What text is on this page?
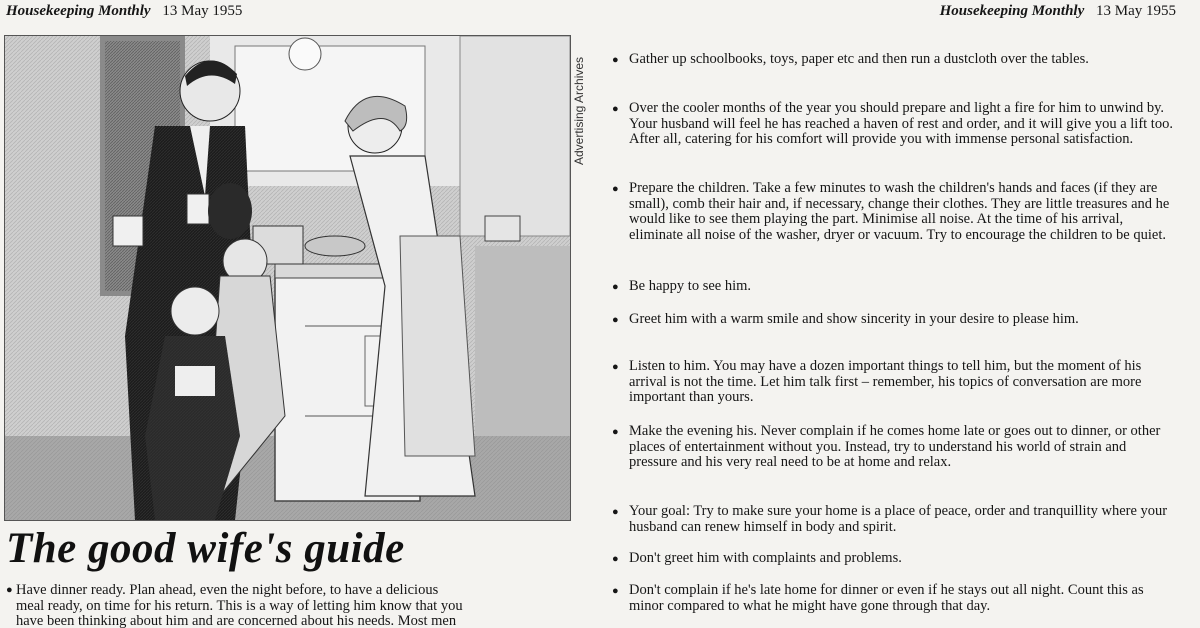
Housekeeping Monthly 13 May 1955	Housekeeping Monthly 13 May 1955
Advertising Archives
The good wife's guide
● Have dinner ready. Plan ahead, even the night before, to have a delicious
meal ready, on time for his return. This is a way of letting him know that you
have been thinking about him and are concerned about his needs. Most men
● Gather up schoolbooks, toys, paper etc and then run a dustcloth over the tables.
● Over the cooler months of the year you should prepare and light a fire for him to unwind by. Your husband will feel he has reached a haven of rest and order, and it will give you a lift too. After all, catering for his comfort will provide you with immense personal satisfaction.
● Prepare the children. Take a few minutes to wash the children's hands and faces (if they are small), comb their hair and, if necessary, change their clothes. They are little treasures and he would like to see them playing the part. Minimise all noise. At the time of his arrival, eliminate all noise of the washer, dryer or vacuum. Try to encourage the children to be quiet.
● Be happy to see him.
● Greet him with a warm smile and show sincerity in your desire to please him.
● Listen to him. You may have a dozen important things to tell him, but the moment of his arrival is not the time. Let him talk first – remember, his topics of conversation are more important than yours.
● Make the evening his. Never complain if he comes home late or goes out to dinner, or other places of entertainment without you. Instead, try to understand his world of strain and pressure and his very real need to be at home and relax.
● Your goal: Try to make sure your home is a place of peace, order and tranquillity where your husband can renew himself in body and spirit.
● Don't greet him with complaints and problems.
● Don't complain if he's late home for dinner or even if he stays out all night. Count this as minor compared to what he might have gone through that day.
